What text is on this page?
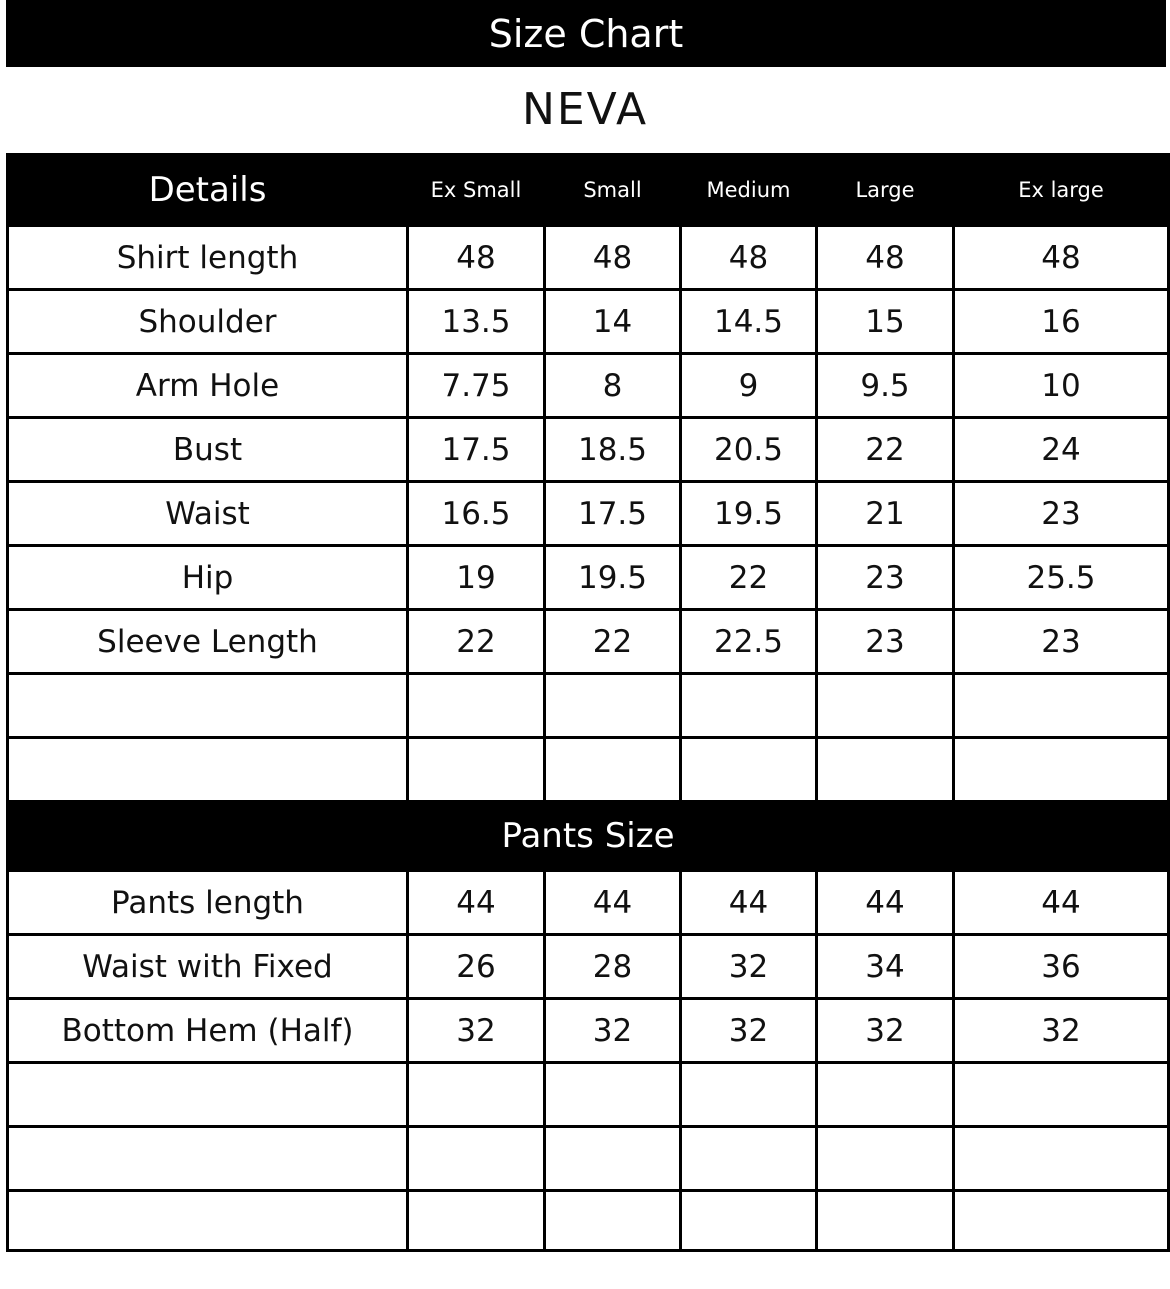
Size Chart
NEVA
Details	Ex Small	Small	Medium	Large	Ex large
Shirt length	48	48	48	48	48
Shoulder	13.5	14	14.5	15	16
Arm Hole	7.75	8	9	9.5	10
Bust	17.5	18.5	20.5	22	24
Waist	16.5	17.5	19.5	21	23
Hip	19	19.5	22	23	25.5
Sleeve Length	22	22	22.5	23	23

Pants Size					
Pants length	44	44	44	44	44
Waist with Fixed	26	28	32	34	36
Bottom Hem (Half)	32	32	32	32	32
